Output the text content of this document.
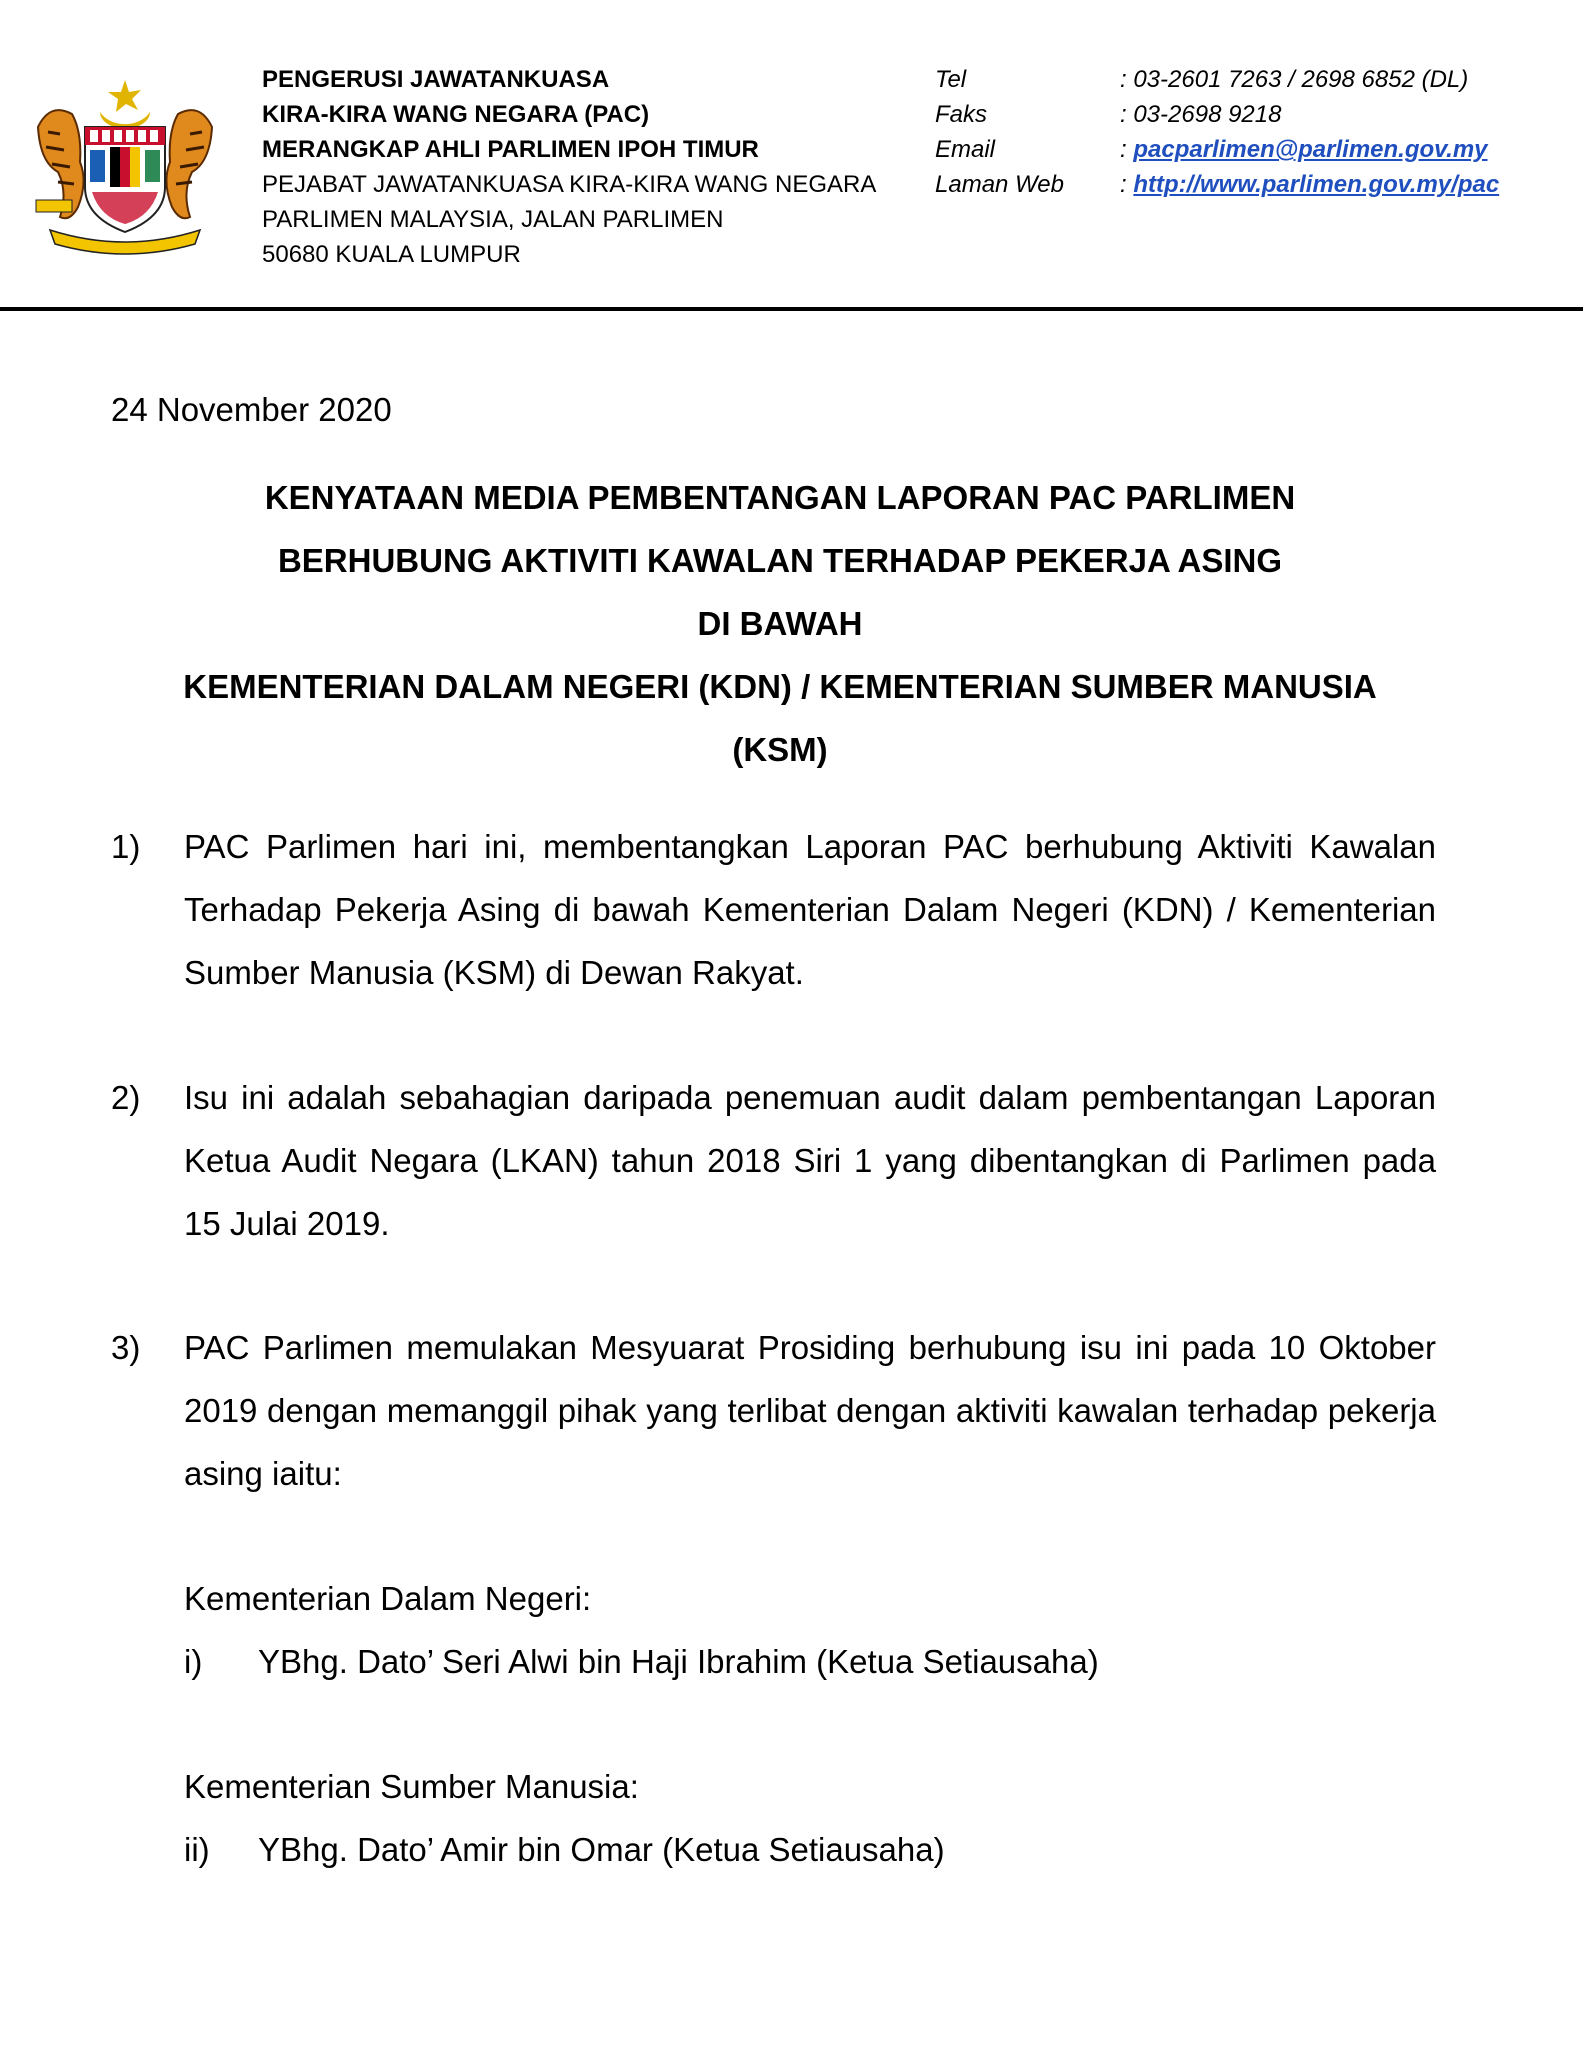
PENGERUSI JAWATANKUASA
KIRA-KIRA WANG NEGARA (PAC)
MERANGKAP AHLI PARLIMEN IPOH TIMUR
PEJABAT JAWATANKUASA KIRA-KIRA WANG NEGARA
PARLIMEN MALAYSIA, JALAN PARLIMEN
50680 KUALA LUMPUR
Tel
Faks
Email
Laman Web
: 03-2601 7263 / 2698 6852 (DL)
: 03-2698 9218
: pacparlimen@parlimen.gov.my
: http://www.parlimen.gov.my/pac
24 November 2020
KENYATAAN MEDIA PEMBENTANGAN LAPORAN PAC PARLIMEN
BERHUBUNG AKTIVITI KAWALAN TERHADAP PEKERJA ASING
DI BAWAH
KEMENTERIAN DALAM NEGERI (KDN) / KEMENTERIAN SUMBER MANUSIA
(KSM)
1) PAC Parlimen hari ini, membentangkan Laporan PAC berhubung Aktiviti Kawalan Terhadap Pekerja Asing di bawah Kementerian Dalam Negeri (KDN) / Kementerian Sumber Manusia (KSM) di Dewan Rakyat.
2) Isu ini adalah sebahagian daripada penemuan audit dalam pembentangan Laporan Ketua Audit Negara (LKAN) tahun 2018 Siri 1 yang dibentangkan di Parlimen pada 15 Julai 2019.
3) PAC Parlimen memulakan Mesyuarat Prosiding berhubung isu ini pada 10 Oktober 2019 dengan memanggil pihak yang terlibat dengan aktiviti kawalan terhadap pekerja asing iaitu:
Kementerian Dalam Negeri:
i) YBhg. Dato’ Seri Alwi bin Haji Ibrahim (Ketua Setiausaha)
Kementerian Sumber Manusia:
ii) YBhg. Dato’ Amir bin Omar (Ketua Setiausaha)
